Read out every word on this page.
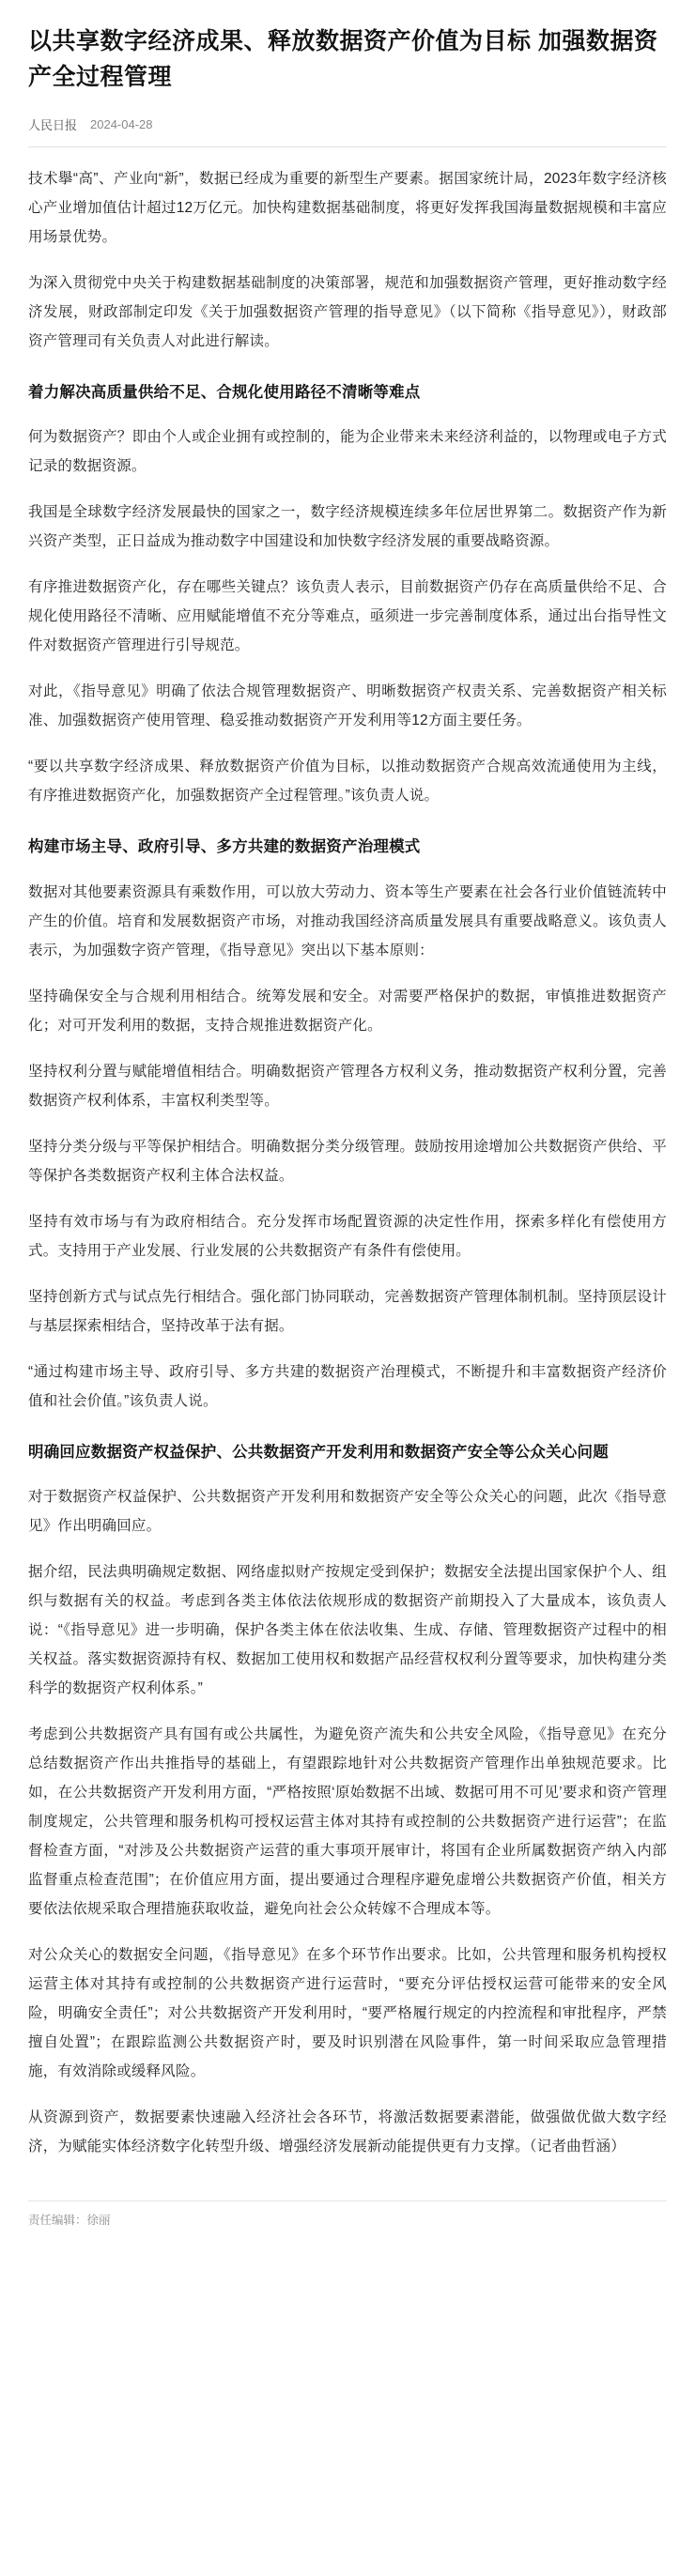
以共享数字经济成果、释放数据资产价值为目标 加强数据资产全过程管理
人民日报 2024-04-28

技术擧“高”、产业向“新”，数据已经成为重要的新型生产要素。据国家统计局，2023年数字经济核心产业增加值估计超过12万亿元。加快构建数据基础制度，将更好发挥我国海量数据规模和丰富应用场景优势。

为深入贯彻党中央关于构建数据基础制度的决策部署，规范和加强数据资产管理，更好推动数字经济发展，财政部制定印发《关于加强数据资产管理的指导意见》（以下简称《指导意见》），财政部资产管理司有关负责人对此进行解读。

着力解决高质量供给不足、合规化使用路径不清晰等难点

何为数据资产？即由个人或企业拥有或控制的，能为企业带来未来经济利益的，以物理或电子方式记录的数据资源。

我国是全球数字经济发展最快的国家之一，数字经济规模连续多年位居世界第二。数据资产作为新兴资产类型，正日益成为推动数字中国建设和加快数字经济发展的重要战略资源。

有序推进数据资产化，存在哪些关键点？该负责人表示，目前数据资产仍存在高质量供给不足、合规化使用路径不清晰、应用赋能增值不充分等难点，亟须进一步完善制度体系，通过出台指导性文件对数据资产管理进行引导规范。

对此，《指导意见》明确了依法合规管理数据资产、明晰数据资产权责关系、完善数据资产相关标准、加强数据资产使用管理、稳妥推动数据资产开发利用等12方面主要任务。

“要以共享数字经济成果、释放数据资产价值为目标，以推动数据资产合规高效流通使用为主线，有序推进数据资产化，加强数据资产全过程管理。”该负责人说。

构建市场主导、政府引导、多方共建的数据资产治理模式

数据对其他要素资源具有乘数作用，可以放大劳动力、资本等生产要素在社会各行业价值链流转中产生的价值。培育和发展数据资产市场，对推动我国经济高质量发展具有重要战略意义。该负责人表示，为加强数字资产管理，《指导意见》突出以下基本原则：

坚持确保安全与合规利用相结合。统筹发展和安全。对需要严格保护的数据，审慎推进数据资产化；对可开发利用的数据，支持合规推进数据资产化。

坚持权利分置与赋能增值相结合。明确数据资产管理各方权利义务，推动数据资产权利分置，完善数据资产权利体系，丰富权利类型等。

坚持分类分级与平等保护相结合。明确数据分类分级管理。鼓励按用途增加公共数据资产供给、平等保护各类数据资产权利主体合法权益。

坚持有效市场与有为政府相结合。充分发挥市场配置资源的决定性作用，探索多样化有偿使用方式。支持用于产业发展、行业发展的公共数据资产有条件有偿使用。

坚持创新方式与试点先行相结合。强化部门协同联动，完善数据资产管理体制机制。坚持顶层设计与基层探索相结合，坚持改革于法有据。

“通过构建市场主导、政府引导、多方共建的数据资产治理模式，不断提升和丰富数据资产经济价值和社会价值。”该负责人说。

明确回应数据资产权益保护、公共数据资产开发利用和数据资产安全等公众关心问题

对于数据资产权益保护、公共数据资产开发利用和数据资产安全等公众关心的问题，此次《指导意见》作出明确回应。

据介绍，民法典明确规定数据、网络虚拟财产按规定受到保护；数据安全法提出国家保护个人、组织与数据有关的权益。考虑到各类主体依法依规形成的数据资产前期投入了大量成本，该负责人说：“《指导意见》进一步明确，保护各类主体在依法收集、生成、存储、管理数据资产过程中的相关权益。落实数据资源持有权、数据加工使用权和数据产品经营权权利分置等要求，加快构建分类科学的数据资产权利体系。”

考虑到公共数据资产具有国有或公共属性，为避免资产流失和公共安全风险，《指导意见》在充分总结数据资产作出共推指导的基础上，有望跟踪地针对公共数据资产管理作出单独规范要求。比如，在公共数据资产开发利用方面，“严格按照‘原始数据不出域、数据可用不可见’要求和资产管理制度规定，公共管理和服务机构可授权运营主体对其持有或控制的公共数据资产进行运营”；在监督检查方面，“对涉及公共数据资产运营的重大事项开展审计，将国有企业所属数据资产纳入内部监督重点检查范围”；在价值应用方面，提出要通过合理程序避免虚增公共数据资产价值，相关方要依法依规采取合理措施获取收益，避免向社会公众转嫁不合理成本等。

对公众关心的数据安全问题，《指导意见》在多个环节作出要求。比如，公共管理和服务机构授权运营主体对其持有或控制的公共数据资产进行运营时，“要充分评估授权运营可能带来的安全风险，明确安全责任”；对公共数据资产开发利用时，“要严格履行规定的内控流程和审批程序，严禁擅自处置”；在跟踪监测公共数据资产时，要及时识别潜在风险事件，第一时间采取应急管理措施，有效消除或缓释风险。

从资源到资产，数据要素快速融入经济社会各环节，将激活数据要素潜能，做强做优做大数字经济，为赋能实体经济数字化转型升级、增强经济发展新动能提供更有力支撑。（记者曲哲涵）

责任编辑：徐丽
